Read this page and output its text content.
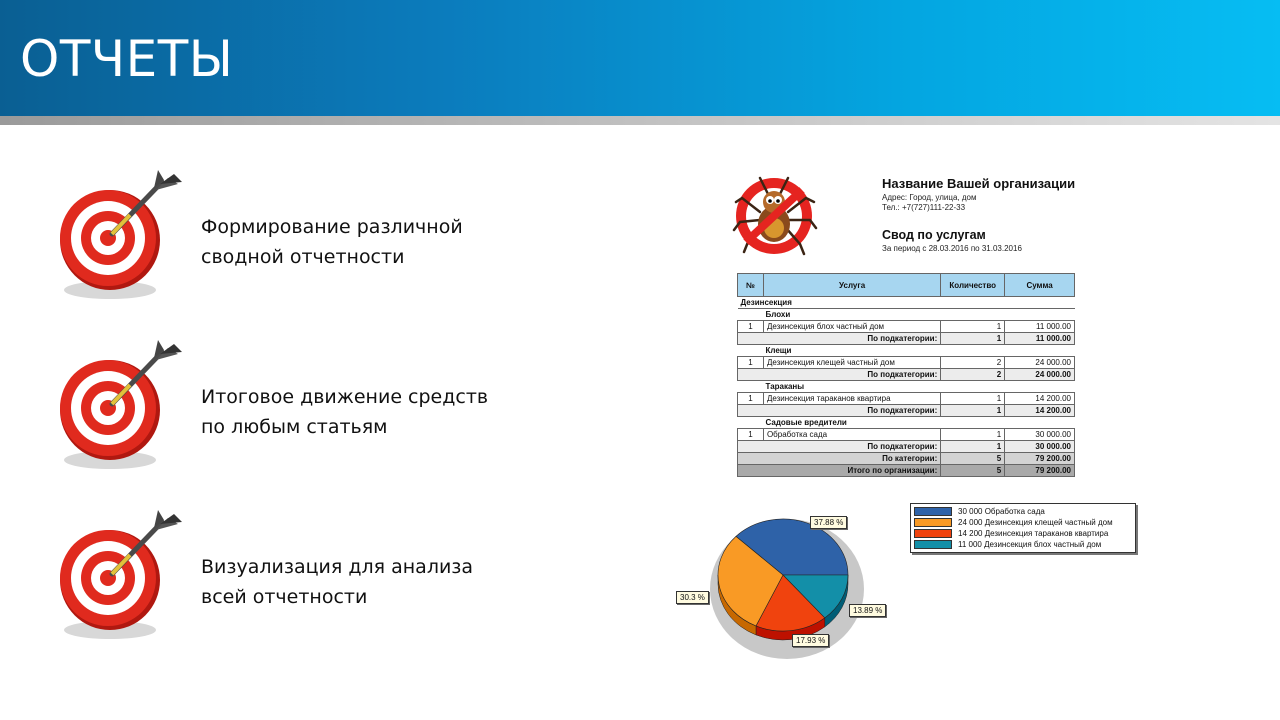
ОТЧЕТЫ
Формирование различной
сводной отчетности
Итоговое движение средств
по любым статьям
Визуализация для анализа
всей отчетности
Название Вашей организации
Адрес: Город, улица, дом
Тел.: +7(727)111-22-33
Свод по услугам
За период с 28.03.2016 по 31.03.2016
№	Услуга	Количество	Сумма
Дезинсекция			
Блохи			
1	Дезинсекция блох частный дом	1	11 000.00
По подкатегории:		1	11 000.00
Клещи			
1	Дезинсекция клещей частный дом	2	24 000.00
По подкатегории:		2	24 000.00
Тараканы			
1	Дезинсекция тараканов квартира	1	14 200.00
По подкатегории:		1	14 200.00
Садовые вредители			
1	Обработка сада	1	30 000.00
По подкатегории:		1	30 000.00
По категории:		5	79 200.00
Итого по организации:		5	79 200.00
30 000 Обработка сада
24 000 Дезинсекция клещей частный дом
14 200 Дезинсекция тараканов квартира
11 000 Дезинсекция блох частный дом
37.88 %
13.89 %
17.93 %
30.3 %
